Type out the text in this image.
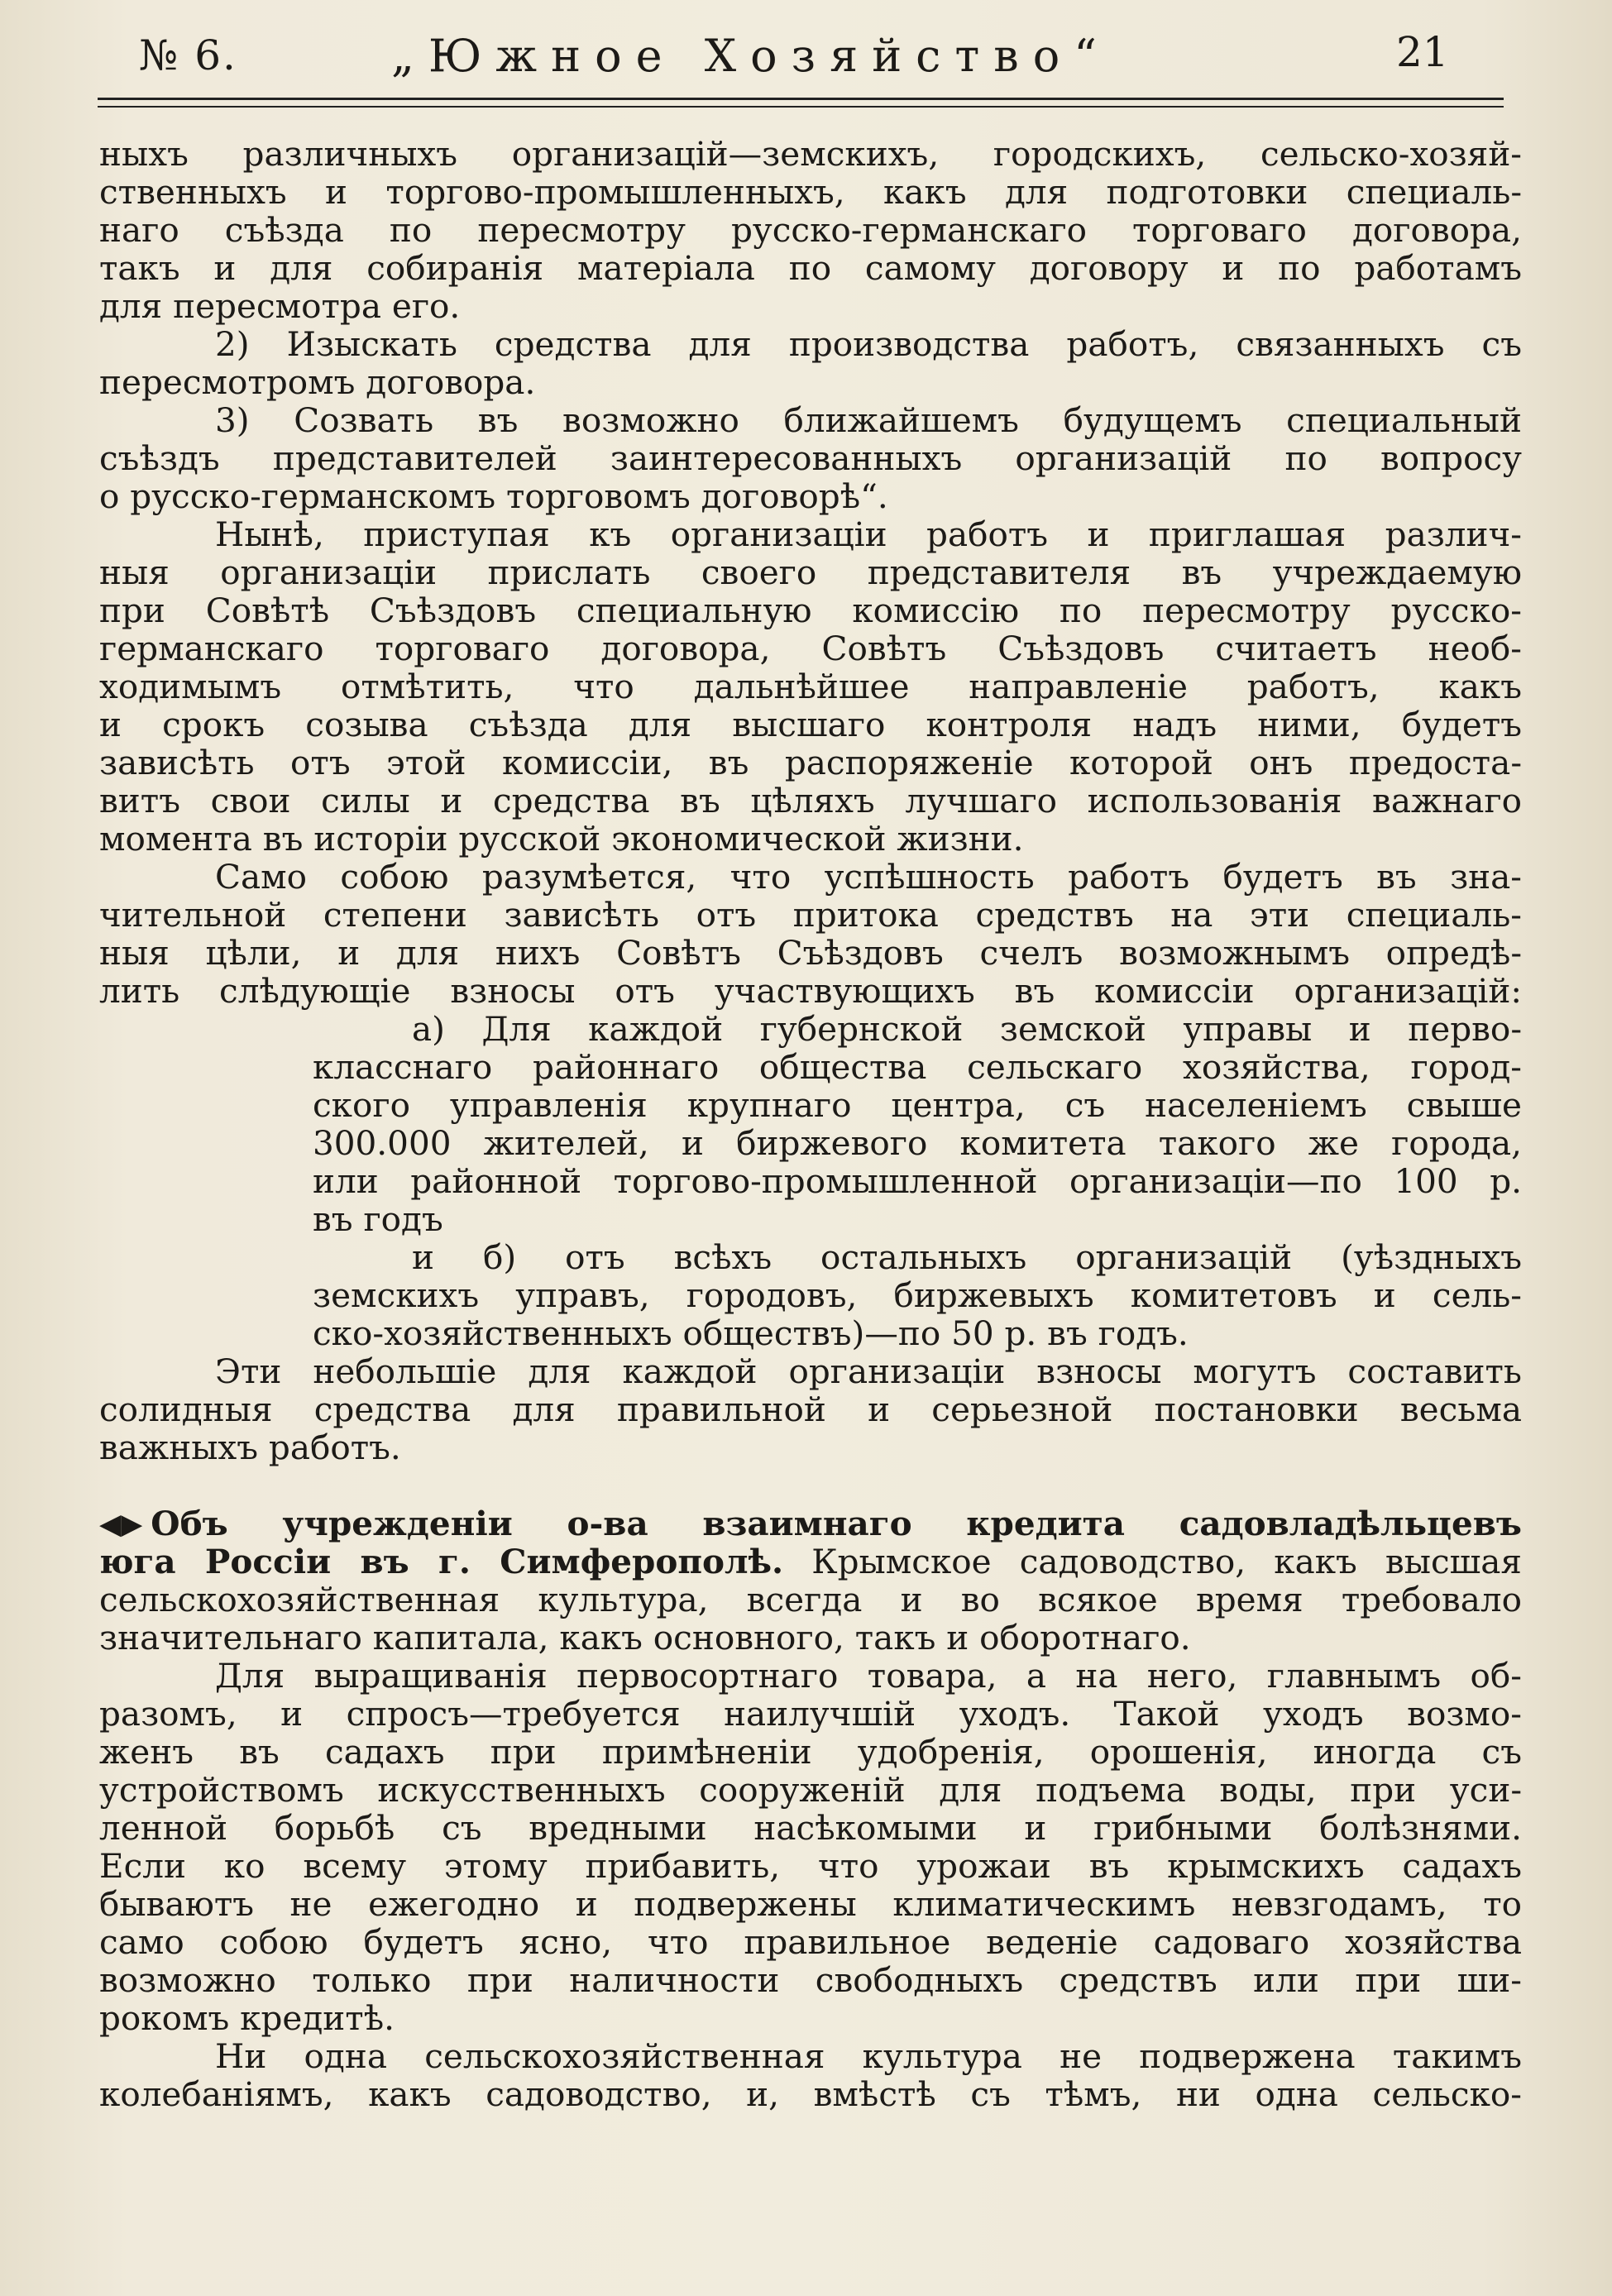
№ 6.	„Южное Хозяйство“	21
ныхъ различныхъ организацій—земскихъ, городскихъ, сельско-хозяй-
ственныхъ и торгово-промышленныхъ, какъ для подготовки специаль-
наго съѣзда по пересмотру русско-германскаго торговаго договора,
такъ и для собиранія матеріала по самому договору и по работамъ
для пересмотра его.
2) Изыскать средства для производства работъ, связанныхъ съ
пересмотромъ договора.
3) Созвать въ возможно ближайшемъ будущемъ специальный
съѣздъ представителей заинтересованныхъ организацій по вопросу
о русско-германскомъ торговомъ договорѣ“.
Нынѣ, приступая къ организаціи работъ и приглашая различ-
ныя организаціи прислать своего представителя въ учреждаемую
при Совѣтѣ Съѣздовъ специальную комиссію по пересмотру русско-
германскаго торговаго договора, Совѣтъ Съѣздовъ считаетъ необ-
ходимымъ отмѣтить, что дальнѣйшее направленіе работъ, какъ
и срокъ созыва съѣзда для высшаго контроля надъ ними, будетъ
зависѣть отъ этой комиссіи, въ распоряженіе которой онъ предоста-
витъ свои силы и средства въ цѣляхъ лучшаго использованія важнаго
момента въ исторіи русской экономической жизни.
Само собою разумѣется, что успѣшность работъ будетъ въ зна-
чительной степени зависѣть отъ притока средствъ на эти специаль-
ныя цѣли, и для нихъ Совѣтъ Съѣздовъ счелъ возможнымъ опредѣ-
лить слѣдующіе взносы отъ участвующихъ въ комиссіи организацій:
а) Для каждой губернской земской управы и перво-
класснаго районнаго общества сельскаго хозяйства, город-
ского управленія крупнаго центра, съ населеніемъ свыше
300.000 жителей, и биржевого комитета такого же города,
или районной торгово-промышленной организаціи—по 100 р.
въ годъ
и б) отъ всѣхъ остальныхъ организацій (уѣздныхъ
земскихъ управъ, городовъ, биржевыхъ комитетовъ и сель-
ско-хозяйственныхъ обществъ)—по 50 р. въ годъ.
Эти небольшіе для каждой организаціи взносы могутъ составить
солидныя средства для правильной и серьезной постановки весьма
важныхъ работъ.
◀▶ Объ учрежденіи о-ва взаимнаго кредита садовладѣльцевъ
юга Россіи въ г. Симферополѣ. Крымское садоводство, какъ высшая
сельскохозяйственная культура, всегда и во всякое время требовало
значительнаго капитала, какъ основного, такъ и оборотнаго.
Для выращиванія первосортнаго товара, а на него, главнымъ об-
разомъ, и спросъ—требуется наилучшій уходъ. Такой уходъ возмо-
женъ въ садахъ при примѣненіи удобренія, орошенія, иногда съ
устройствомъ искусственныхъ сооруженій для подъема воды, при уси-
ленной борьбѣ съ вредными насѣкомыми и грибными болѣзнями.
Если ко всему этому прибавить, что урожаи въ крымскихъ садахъ
бываютъ не ежегодно и подвержены климатическимъ невзгодамъ, то
само собою будетъ ясно, что правильное веденіе садоваго хозяйства
возможно только при наличности свободныхъ средствъ или при ши-
рокомъ кредитѣ.
Ни одна сельскохозяйственная культура не подвержена такимъ
колебаніямъ, какъ садоводство, и, вмѣстѣ съ тѣмъ, ни одна сельско-
